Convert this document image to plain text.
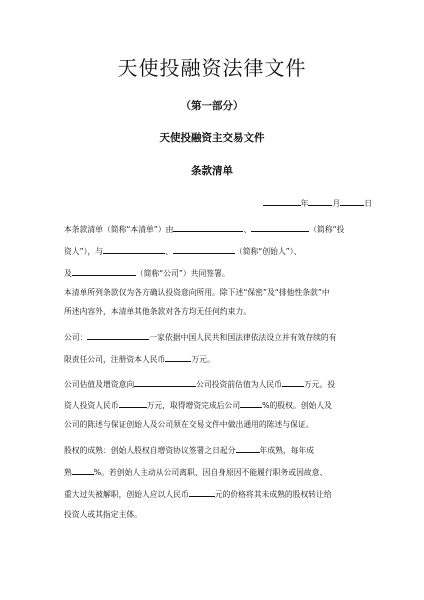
天使投融资法律文件
（第一部分）
天使投融资主交易文件
条款清单
年	月	日
本条款清单（简称“本清单”）由	、	（简称“投
资人”），与	、	（简称“创始人”）、
及	（简称“公司”）共同签署。
本清单所列条款仅为各方确认投资意向所用。除下述“保密”及“排他性条款”中
所述内容外，本清单其他条款对各方均无任何约束力。
公司：	一家依据中国人民共和国法律依法设立并有效存续的有
限责任公司，注册资本人民币	万元。
公司估值及增资意向	公司投资前估值为人民币	万元。投
资人投资人民币	万元，取得增资完成后公司	%的股权。创始人及
公司的陈述与保证创始人及公司须在交易文件中做出通用的陈述与保证。
股权的成熟：创始人股权自增资协议签署之日起分	年成熟，每年成
熟	%。若创始人主动从公司离职、因自身原因不能履行职务或因故意、
重大过失被解职，创始人应以人民币	元的价格将其未成熟的股权转让给
投资人或其指定主体。
